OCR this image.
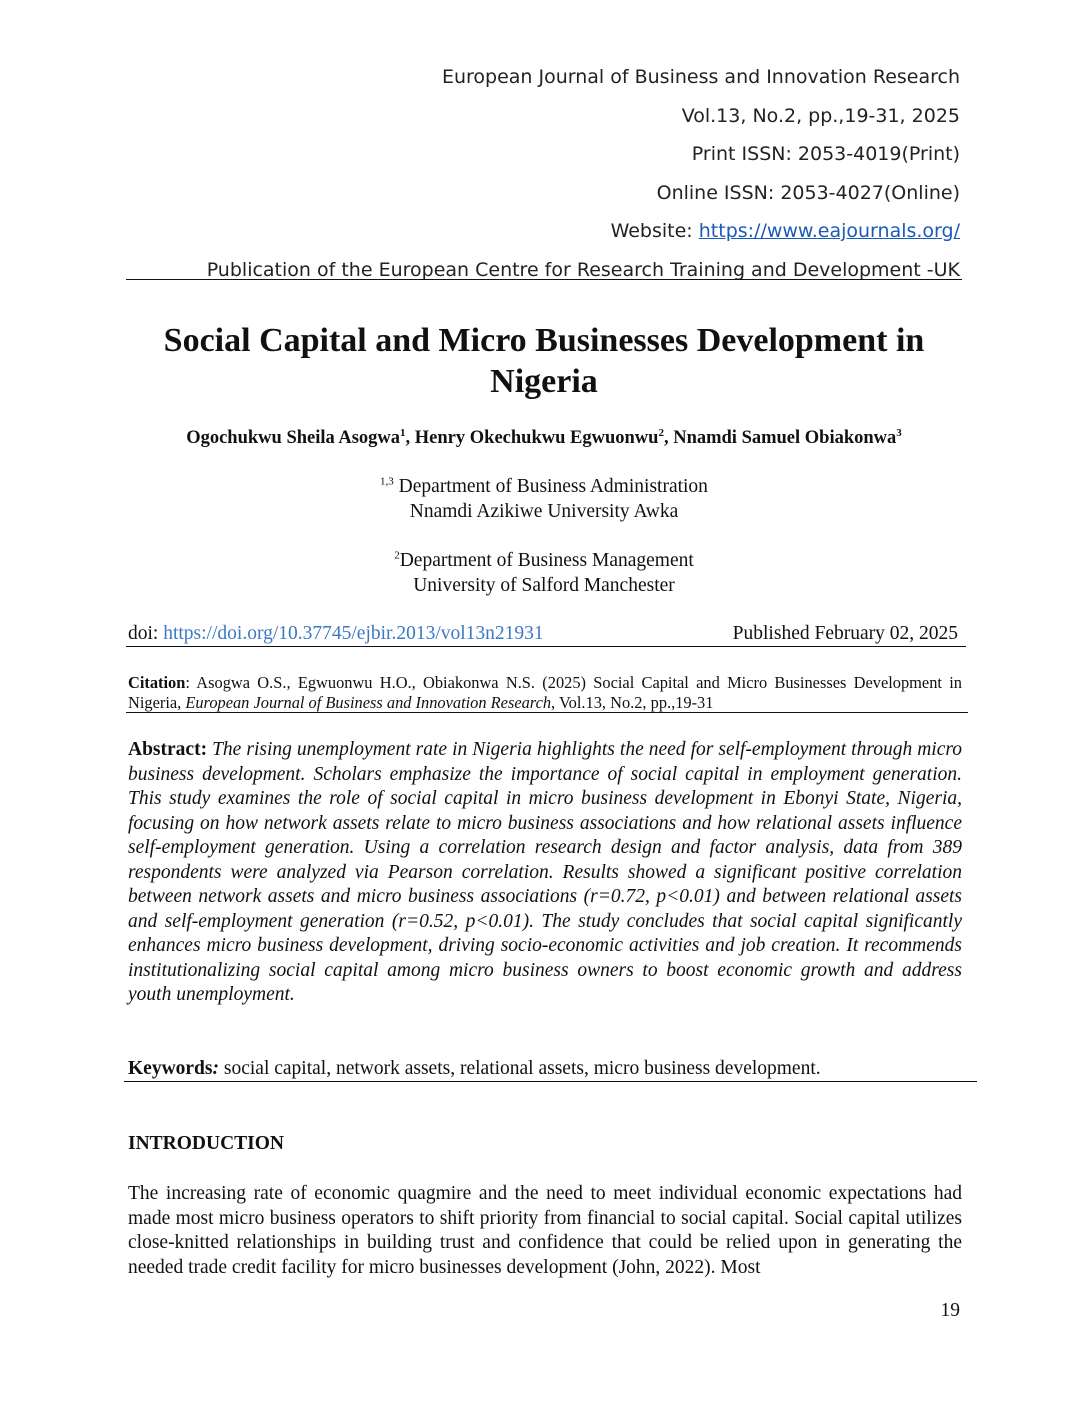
European Journal of Business and Innovation Research
Vol.13, No.2, pp.,19-31, 2025
Print ISSN: 2053-4019(Print)
Online ISSN: 2053-4027(Online)
Website: https://www.eajournals.org/
Publication of the European Centre for Research Training and Development -UK
Social Capital and Micro Businesses Development in
Nigeria
Ogochukwu Sheila Asogwa$^1$, Henry Okechukwu Egwuonwu$^2$, Nnamdi Samuel Obiakonwa$^3$
$^{1,3}$ Department of Business Administration
Nnamdi Azikiwe University Awka
$^2$Department of Business Management
University of Salford Manchester
doi: https://doi.org/10.37745/ejbir.2013/vol13n21931	Published February 02, 2025
Citation: Asogwa O.S., Egwuonwu H.O., Obiakonwa N.S. (2025) Social Capital and Micro Businesses Development in Nigeria, European Journal of Business and Innovation Research, Vol.13, No.2, pp.,19-31
Abstract: The rising unemployment rate in Nigeria highlights the need for self-employment through micro business development. Scholars emphasize the importance of social capital in employment generation. This study examines the role of social capital in micro business development in Ebonyi State, Nigeria, focusing on how network assets relate to micro business associations and how relational assets influence self-employment generation. Using a correlation research design and factor analysis, data from 389 respondents were analyzed via Pearson correlation. Results showed a significant positive correlation between network assets and micro business associations (r=0.72, p<0.01) and between relational assets and self-employment generation (r=0.52, p<0.01). The study concludes that social capital significantly enhances micro business development, driving socio-economic activities and job creation. It recommends institutionalizing social capital among micro business owners to boost economic growth and address youth unemployment.
Keywords: social capital, network assets, relational assets, micro business development.
INTRODUCTION
The increasing rate of economic quagmire and the need to meet individual economic expectations had made most micro business operators to shift priority from financial to social capital. Social capital utilizes close-knitted relationships in building trust and confidence that could be relied upon in generating the needed trade credit facility for micro businesses development (John, 2022). Most
19
